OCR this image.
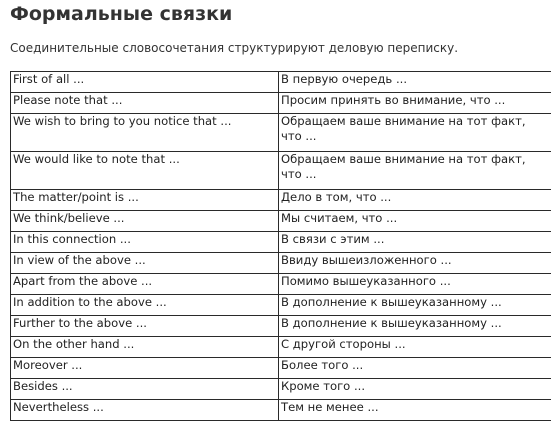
Формальные связки

Соединительные словосочетания структурируют деловую переписку.

First of all ...	В первую очередь ...
Please note that ...	Просим принять во внимание, что ...
We wish to bring to you notice that ...	Обращаем ваше внимание на тот факт, что ...
We would like to note that ...	Обращаем ваше внимание на тот факт, что ...
The matter/point is ...	Дело в том, что ...
We think/believe ...	Мы считаем, что ...
In this connection ...	В связи с этим ...
In view of the above ...	Ввиду вышеизложенного ...
Apart from the above ...	Помимо вышеуказанного ...
In addition to the above ...	В дополнение к вышеуказанному ...
Further to the above ...	В дополнение к вышеуказанному ...
On the other hand ...	С другой стороны ...
Moreover ...	Более того ...
Besides ...	Кроме того ...
Nevertheless ...	Тем не менее ...
